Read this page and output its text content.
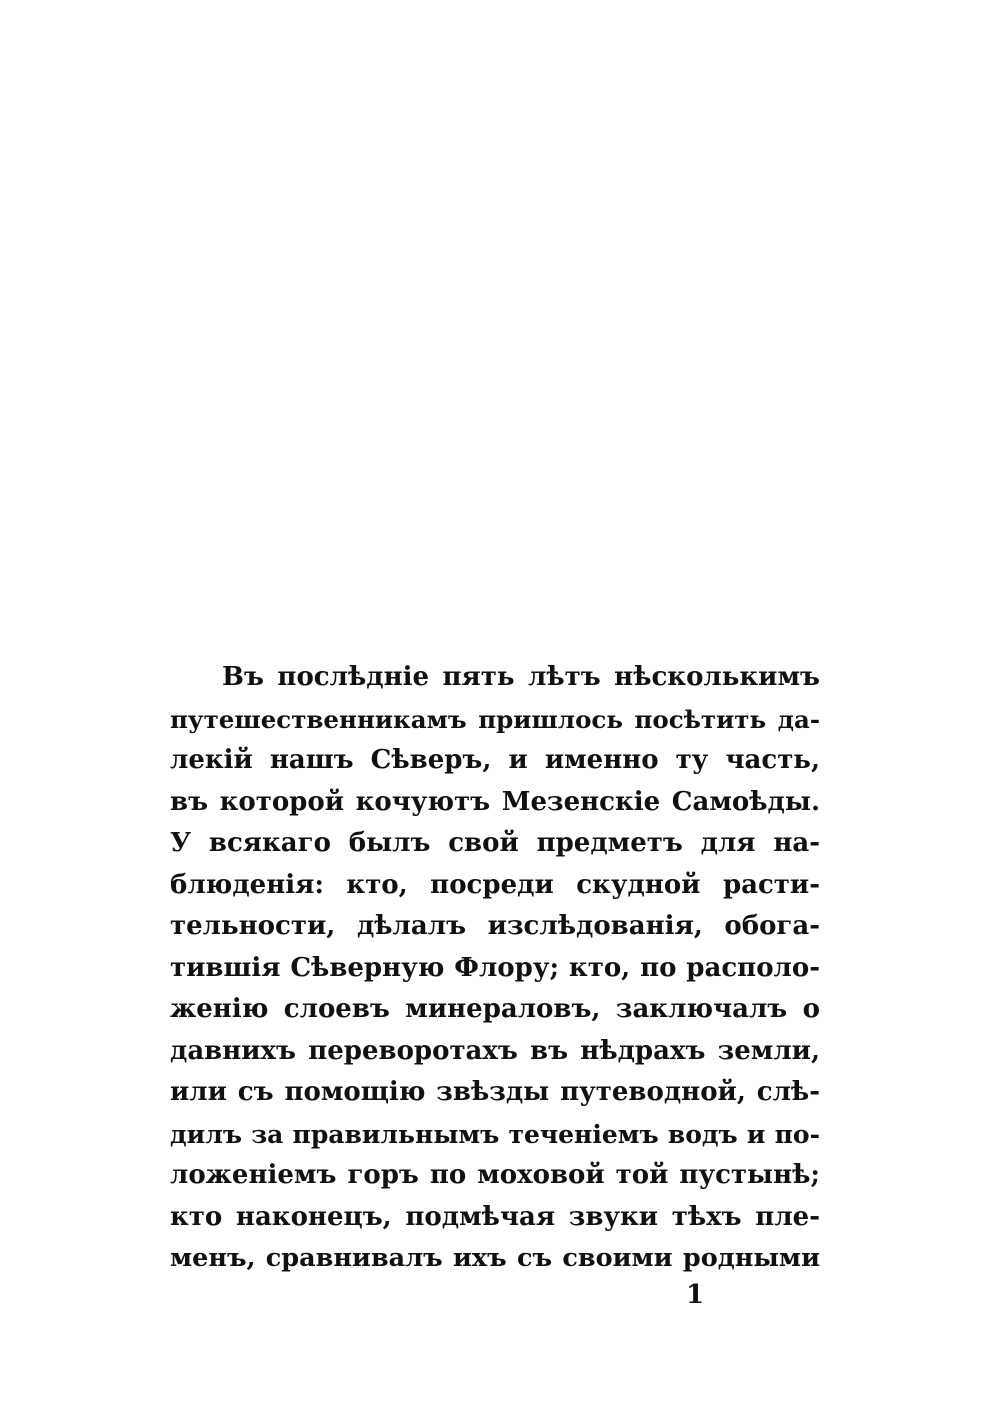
Въ послѣдніе пять лѣтъ нѣсколькимъ
путешественникамъ пришлось посѣтить да-
лекій нашъ Сѣверъ, и именно ту часть,
въ которой кочуютъ Мезенскіе Самоѣды.
У всякаго былъ свой предметъ для на-
блюденія: кто, посреди скудной расти-
тельности, дѣлалъ изслѣдованія, обога-
тившія Сѣверную Флору; кто, по располо-
женію слоевъ минераловъ, заключалъ о
давнихъ переворотахъ въ нѣдрахъ земли,
или съ помощію звѣзды путеводной, слѣ-
дилъ за правильнымъ теченіемъ водъ и по-
ложеніемъ горъ по моховой той пустынѣ;
кто наконецъ, подмѣчая звуки тѣхъ пле-
менъ, сравнивалъ ихъ съ своими родными
1
